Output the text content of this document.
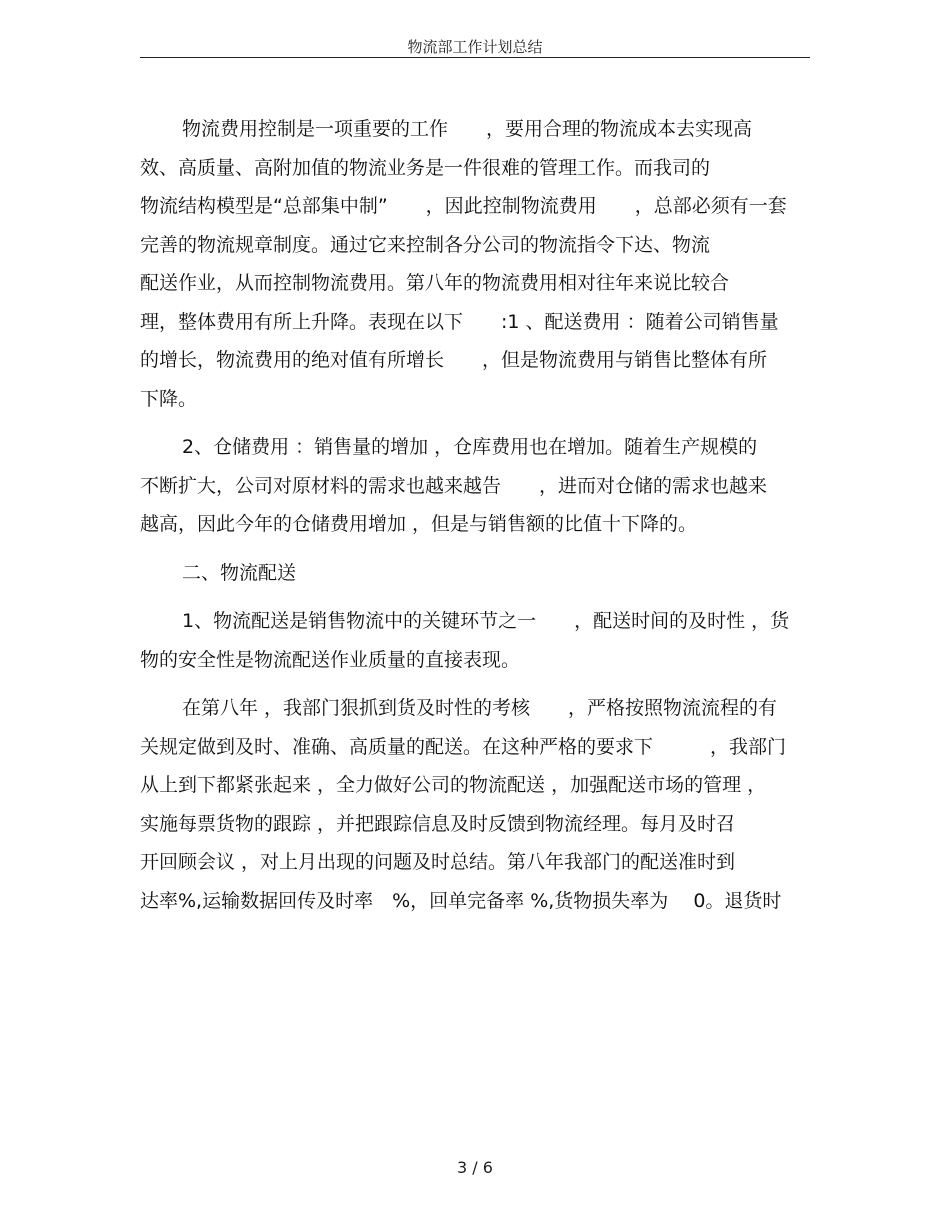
物流部工作计划总结
物流费用控制是一项重要的工作　　，要用合理的物流成本去实现高
效、高质量、高附加值的物流业务是一件很难的管理工作。而我司的
物流结构模型是“总部集中制”　　，因此控制物流费用　　，总部必须有一套
完善的物流规章制度。通过它来控制各分公司的物流指令下达、物流
配送作业，从而控制物流费用。第八年的物流费用相对往年来说比较合
理，整体费用有所上升降。表现在以下　　:1 、配送费用 ：随着公司销售量
的增长，物流费用的绝对值有所增长　　，但是物流费用与销售比整体有所
下降。
2、仓储费用 ：销售量的增加 ，仓库费用也在增加。随着生产规模的
不断扩大，公司对原材料的需求也越来越告　　，进而对仓储的需求也越来
越高，因此今年的仓储费用增加 ，但是与销售额的比值十下降的。
二、物流配送
1、物流配送是销售物流中的关键环节之一　　，配送时间的及时性 ，货
物的安全性是物流配送作业质量的直接表现。
在第八年 ，我部门狠抓到货及时性的考核　　，严格按照物流流程的有
关规定做到及时、准确、高质量的配送。在这种严格的要求下　　　，我部门
从上到下都紧张起来 ，全力做好公司的物流配送 ，加强配送市场的管理 ，
实施每票货物的跟踪 ，并把跟踪信息及时反馈到物流经理。每月及时召
开回顾会议 ，对上月出现的问题及时总结。第八年我部门的配送准时到
达率%,运输数据回传及时率　%，回单完备率 %,货物损失率为　 0。退货时
3 / 6
